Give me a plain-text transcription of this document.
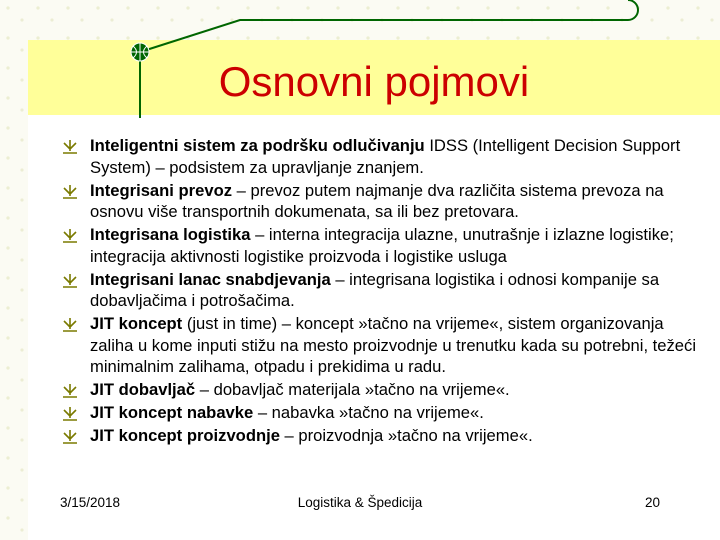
Osnovni pojmovi
Inteligentni sistem za podršku odlučivanju IDSS (Intelligent Decision Support System) – podsistem za upravljanje znanjem.
Integrisani prevoz – prevoz putem najmanje dva različita sistema prevoza na osnovu više transportnih dokumenata, sa ili bez pretovara.
Integrisana logistika – interna integracija ulazne, unutrašnje i izlazne logistike; integracija aktivnosti logistike proizvoda i logistike usluga
Integrisani lanac snabdjevanja – integrisana logistika i odnosi kompanije sa dobavljačima i potrošačima.
JIT koncept (just in time) – koncept »tačno na vrijeme«, sistem organizovanja zaliha u kome inputi stižu na mesto proizvodnje u trenutku kada su potrebni, težeći minimalnim zalihama, otpadu i prekidima u radu.
JIT dobavljač – dobavljač materijala »tačno na vrijeme«.
JIT koncept nabavke – nabavka »tačno na vrijeme«.
JIT koncept proizvodnje – proizvodnja »tačno na vrijeme«.
3/15/2018	Logistika & Špedicija	20
